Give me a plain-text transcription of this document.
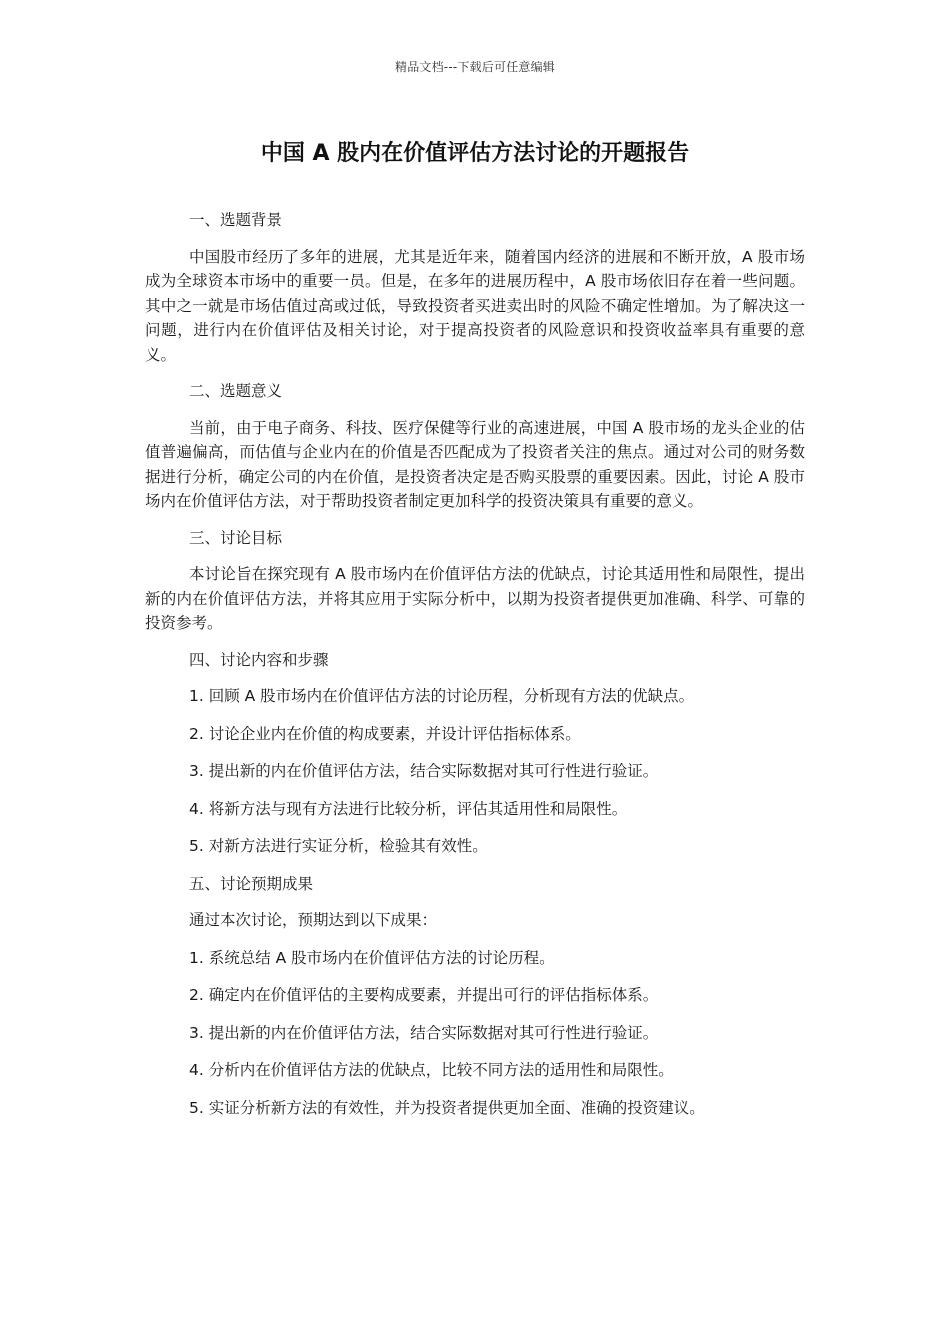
精品文档---下载后可任意编辑
中国 A 股内在价值评估方法讨论的开题报告

一、选题背景

中国股市经历了多年的进展，尤其是近年来，随着国内经济的进展和不断开放，A 股市场成为全球资本市场中的重要一员。但是，在多年的进展历程中，A 股市场依旧存在着一些问题。其中之一就是市场估值过高或过低，导致投资者买进卖出时的风险不确定性增加。为了解决这一问题，进行内在价值评估及相关讨论，对于提高投资者的风险意识和投资收益率具有重要的意义。

二、选题意义

当前，由于电子商务、科技、医疗保健等行业的高速进展，中国 A 股市场的龙头企业的估值普遍偏高，而估值与企业内在的价值是否匹配成为了投资者关注的焦点。通过对公司的财务数据进行分析，确定公司的内在价值，是投资者决定是否购买股票的重要因素。因此，讨论 A 股市场内在价值评估方法，对于帮助投资者制定更加科学的投资决策具有重要的意义。

三、讨论目标

本讨论旨在探究现有 A 股市场内在价值评估方法的优缺点，讨论其适用性和局限性，提出新的内在价值评估方法，并将其应用于实际分析中，以期为投资者提供更加准确、科学、可靠的投资参考。

四、讨论内容和步骤

1. 回顾 A 股市场内在价值评估方法的讨论历程，分析现有方法的优缺点。

2. 讨论企业内在价值的构成要素，并设计评估指标体系。

3. 提出新的内在价值评估方法，结合实际数据对其可行性进行验证。

4. 将新方法与现有方法进行比较分析，评估其适用性和局限性。

5. 对新方法进行实证分析，检验其有效性。

五、讨论预期成果

通过本次讨论，预期达到以下成果：

1. 系统总结 A 股市场内在价值评估方法的讨论历程。

2. 确定内在价值评估的主要构成要素，并提出可行的评估指标体系。

3. 提出新的内在价值评估方法，结合实际数据对其可行性进行验证。

4. 分析内在价值评估方法的优缺点，比较不同方法的适用性和局限性。

5. 实证分析新方法的有效性，并为投资者提供更加全面、准确的投资建议。
